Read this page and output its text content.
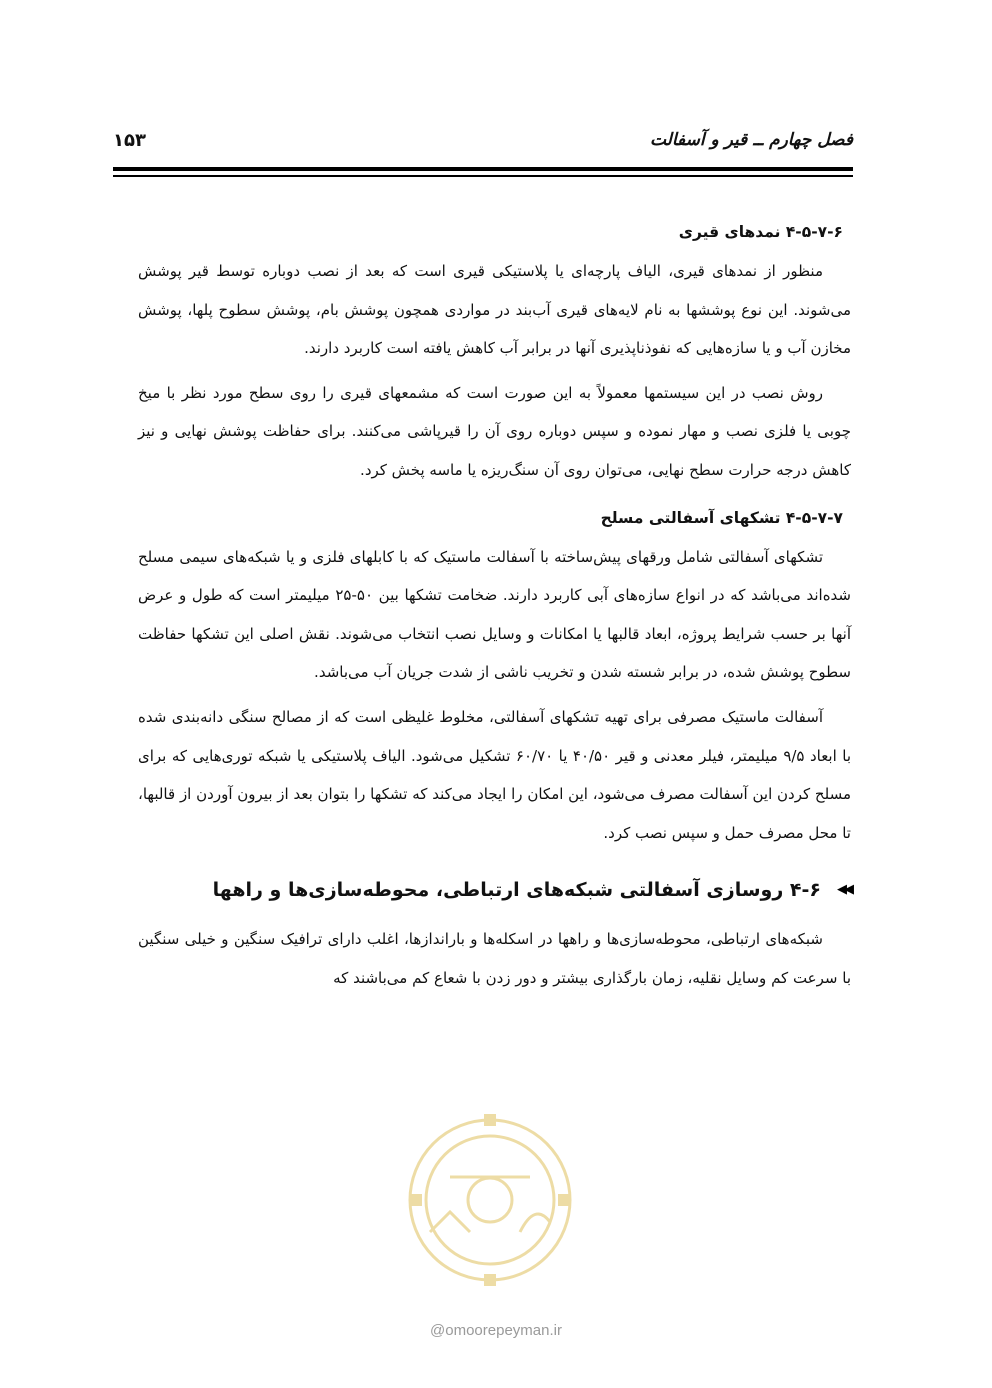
فصل چهارم ــ قیر و آسفالت
۱۵۳
۴-۵-۷-۶ نمدهای قیری

منظور از نمدهای قیری، الیاف پارچه‌ای یا پلاستیکی قیری است که بعد از نصب دوباره توسط قیر پوشش می‌شوند. این نوع پوششها به نام لایه‌های قیری آب‌بند در مواردی همچون پوشش بام، پوشش سطوح پلها، پوشش مخازن آب و یا سازه‌هایی که نفوذناپذیری آنها در برابر آب کاهش یافته است کاربرد دارند.

روش نصب در این سیستمها معمولاً به این صورت است که مشمعهای قیری را روی سطح مورد نظر با میخ چوبی یا فلزی نصب و مهار نموده و سپس دوباره روی آن را قیرپاشی می‌کنند. برای حفاظت پوشش نهایی و نیز کاهش درجه حرارت سطح نهایی، می‌توان روی آن سنگ‌ریزه یا ماسه پخش کرد.

۴-۵-۷-۷ تشکهای آسفالتی مسلح

تشکهای آسفالتی شامل ورقهای پیش‌ساخته با آسفالت ماستیک که با کابلهای فلزی و یا شبکه‌های سیمی مسلح شده‌اند می‌باشد که در انواع سازه‌های آبی کاربرد دارند. ضخامت تشکها بین ۵۰-۲۵ میلیمتر است که طول و عرض آنها بر حسب شرایط پروژه، ابعاد قالبها یا امکانات و وسایل نصب انتخاب می‌شوند. نقش اصلی این تشکها حفاظت سطوح پوشش شده، در برابر شسته شدن و تخریب ناشی از شدت جریان آب می‌باشد.

آسفالت ماستیک مصرفی برای تهیه تشکهای آسفالتی، مخلوط غلیظی است که از مصالح سنگی دانه‌بندی شده با ابعاد ۹/۵ میلیمتر، فیلر معدنی و قیر ۴۰/۵۰ یا ۶۰/۷۰ تشکیل می‌شود. الیاف پلاستیکی یا شبکه توری‌هایی که برای مسلح کردن این آسفالت مصرف می‌شود، این امکان را ایجاد می‌کند که تشکها را بتوان بعد از بیرون آوردن از قالبها، تا محل مصرف حمل و سپس نصب کرد.

◀◀
۴-۶ روسازی آسفالتی شبکه‌های ارتباطی، محوطه‌سازی‌ها و راهها

شبکه‌های ارتباطی، محوطه‌سازی‌ها و راهها در اسکله‌ها و باراندازها، اغلب دارای ترافیک سنگین و خیلی سنگین با سرعت کم وسایل نقلیه، زمان بارگذاری بیشتر و دور زدن با شعاع کم می‌باشند که

@omoorepeyman.ir
